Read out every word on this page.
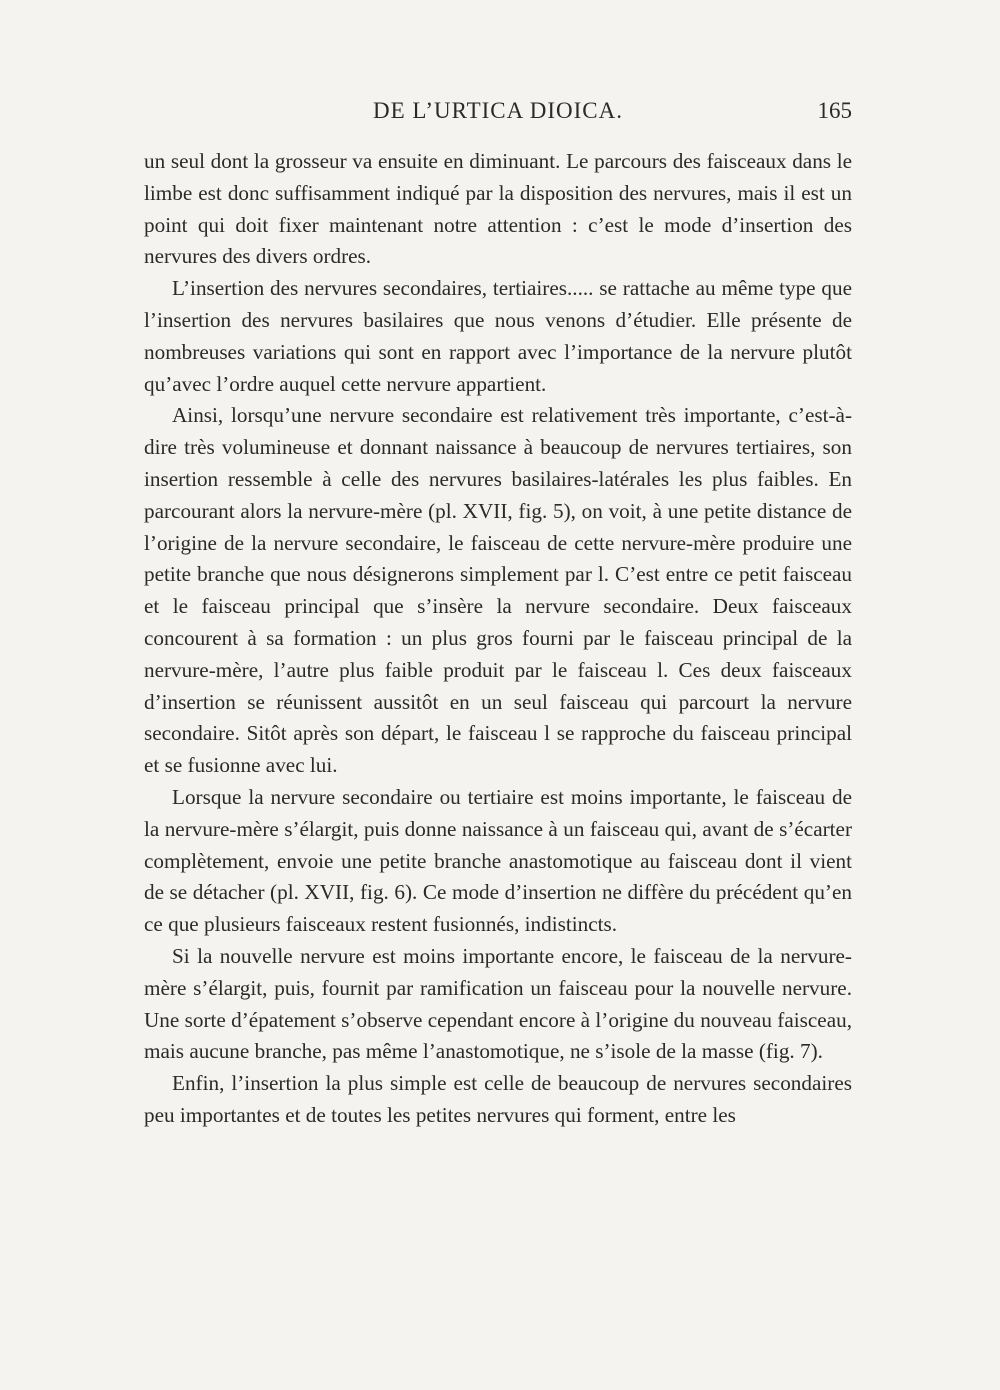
DE L’URTICA DIOICA.	165

un seul dont la grosseur va ensuite en diminuant. Le parcours des faisceaux dans le limbe est donc suffisamment indiqué par la disposition des nervures, mais il est un point qui doit fixer maintenant notre attention : c’est le mode d’insertion des nervures des divers ordres.

L’insertion des nervures secondaires, tertiaires..... se rattache au même type que l’insertion des nervures basilaires que nous venons d’étudier. Elle présente de nombreuses variations qui sont en rapport avec l’importance de la nervure plutôt qu’avec l’ordre auquel cette nervure appartient.

Ainsi, lorsqu’une nervure secondaire est relativement très importante, c’est-à-dire très volumineuse et donnant naissance à beaucoup de nervures tertiaires, son insertion ressemble à celle des nervures basilaires-latérales les plus faibles. En parcourant alors la nervure-mère (pl. XVII, fig. 5), on voit, à une petite distance de l’origine de la nervure secondaire, le faisceau de cette nervure-mère produire une petite branche que nous désignerons simplement par l. C’est entre ce petit faisceau et le faisceau principal que s’insère la nervure secondaire. Deux faisceaux concourent à sa formation : un plus gros fourni par le faisceau principal de la nervure-mère, l’autre plus faible produit par le faisceau l. Ces deux faisceaux d’insertion se réunissent aussitôt en un seul faisceau qui parcourt la nervure secondaire. Sitôt après son départ, le faisceau l se rapproche du faisceau principal et se fusionne avec lui.

Lorsque la nervure secondaire ou tertiaire est moins importante, le faisceau de la nervure-mère s’élargit, puis donne naissance à un faisceau qui, avant de s’écarter complètement, envoie une petite branche anastomotique au faisceau dont il vient de se détacher (pl. XVII, fig. 6). Ce mode d’insertion ne diffère du précédent qu’en ce que plusieurs faisceaux restent fusionnés, indistincts.

Si la nouvelle nervure est moins importante encore, le faisceau de la nervure-mère s’élargit, puis, fournit par ramification un faisceau pour la nouvelle nervure. Une sorte d’épatement s’observe cependant encore à l’origine du nouveau faisceau, mais aucune branche, pas même l’anastomotique, ne s’isole de la masse (fig. 7).

Enfin, l’insertion la plus simple est celle de beaucoup de nervures secondaires peu importantes et de toutes les petites nervures qui forment, entre les
